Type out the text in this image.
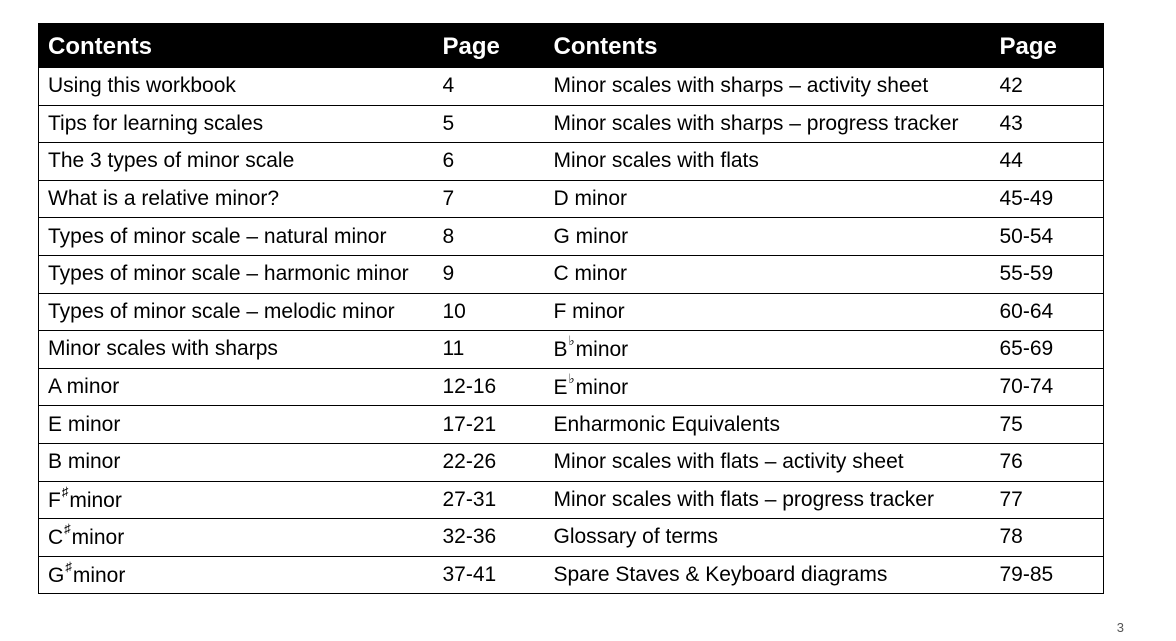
Contents	Page	Contents	Page
Using this workbook	4	Minor scales with sharps – activity sheet	42
Tips for learning scales	5	Minor scales with sharps – progress tracker	43
The 3 types of minor scale	6	Minor scales with flats	44
What is a relative minor?	7	D minor	45-49
Types of minor scale – natural minor	8	G minor	50-54
Types of minor scale – harmonic minor	9	C minor	55-59
Types of minor scale – melodic minor	10	F minor	60-64
Minor scales with sharps	11	B♭minor	65-69
A minor	12-16	E♭minor	70-74
E minor	17-21	Enharmonic Equivalents	75
B minor	22-26	Minor scales with flats – activity sheet	76
F♯minor	27-31	Minor scales with flats – progress tracker	77
C♯minor	32-36	Glossary of terms	78
G♯minor	37-41	Spare Staves & Keyboard diagrams	79-85
3
